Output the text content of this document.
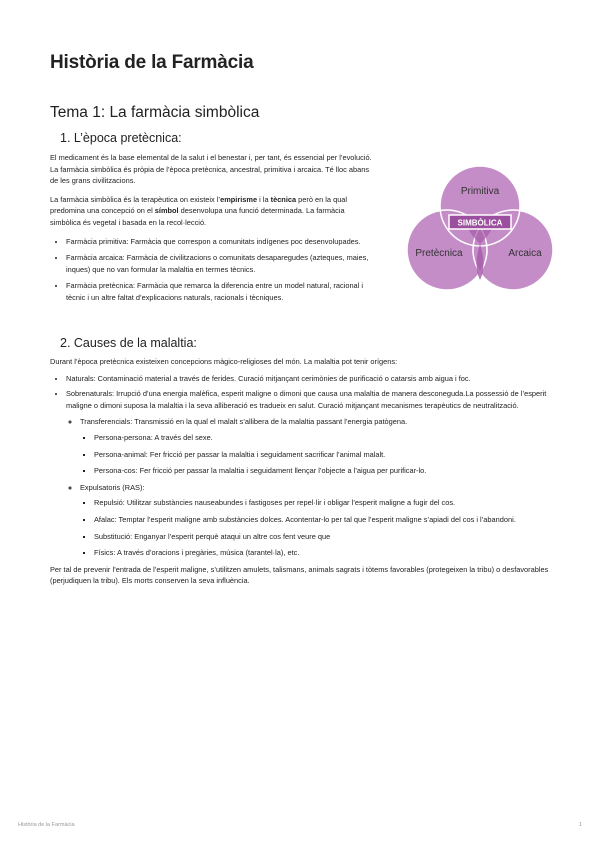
Història de la Farmàcia
Tema 1: La farmàcia simbòlica
1. L’època pretècnica:

El medicament és la base elemental de la salut i el benestar i, per tant, és essencial per l’evolució. La farmàcia simbòlica és pròpia de l’època pretècnica, ancestral, primitiva i arcaica. Té lloc abans de les grans civilitzacions.

La farmàcia simbòlica és la terapèutica on existeix l’empirisme i la tècnica però en la qual predomina una concepció on el símbol desenvolupa una funció determinada. La farmàcia simbòlica és vegetal i basada en la recol·lecció.

• Farmàcia primitiva: Farmàcia que correspon a comunitats indígenes poc desenvolupades.
• Farmàcia arcaica: Farmàcia de civilitzacions o comunitats desaparegudes (azteques, maies, inques) que no van formular la malaltia en termes tècnics.
• Farmàcia pretècnica: Farmàcia que remarca la diferencia entre un model natural, racional i tècnic i un altre faltat d’explicacions naturals, racionals i tècniques.
Primitiva
Pretècnica	Arcaica
SIMBÒLICA
2. Causes de la malaltia:

Durant l’època pretècnica existeixen concepcions màgico-religioses del món. La malaltia pot tenir orígens:

• Naturals: Contaminació material a través de ferides. Curació mitjançant cerimònies de purificació o catarsis amb aigua i foc.
• Sobrenaturals: Irrupció d’una energia malèfica, esperit maligne o dimoni que causa una malaltia de manera desconeguda.La possessió de l’esperit maligne o dimoni suposa la malaltia i la seva alliberació es tradueix en salut. Curació mitjançant mecanismes terapèutics de neutralització.
◦ Transferencials: Transmissió en la qual el malalt s’allibera de la malaltia passant l’energia patògena.
▪ Persona-persona: A través del sexe.
▪ Persona-animal: Fer fricció per passar la malaltia i seguidament sacrificar l’animal malalt.
▪ Persona-cos: Fer fricció per passar la malaltia i seguidament llençar l’objecte a l’aigua per purificar-lo.
◦ Expulsatoris (RAS):
▪ Repulsió: Utilitzar substàncies nauseabundes i fastigoses per repel·lir i obligar l’esperit maligne a fugir del cos.
▪ Afalac: Temptar l’esperit maligne amb substàncies dolces. Acontentar-lo per tal que l’esperit maligne s’apiadi del cos i l’abandoni.
▪ Substitució: Enganyar l’esperit perquè ataqui un altre cos fent veure que
▪ Físics: A través d’oracions i pregàries, música (tarantel·la), etc.

Per tal de prevenir l’entrada de l’esperit maligne, s’utilitzen amulets, talismans, animals sagrats i tòtems favorables (protegeixen la tribu) o desfavorables (perjudiquen la tribu). Els morts conserven la seva influència.

Història de la Farmàcia	1
